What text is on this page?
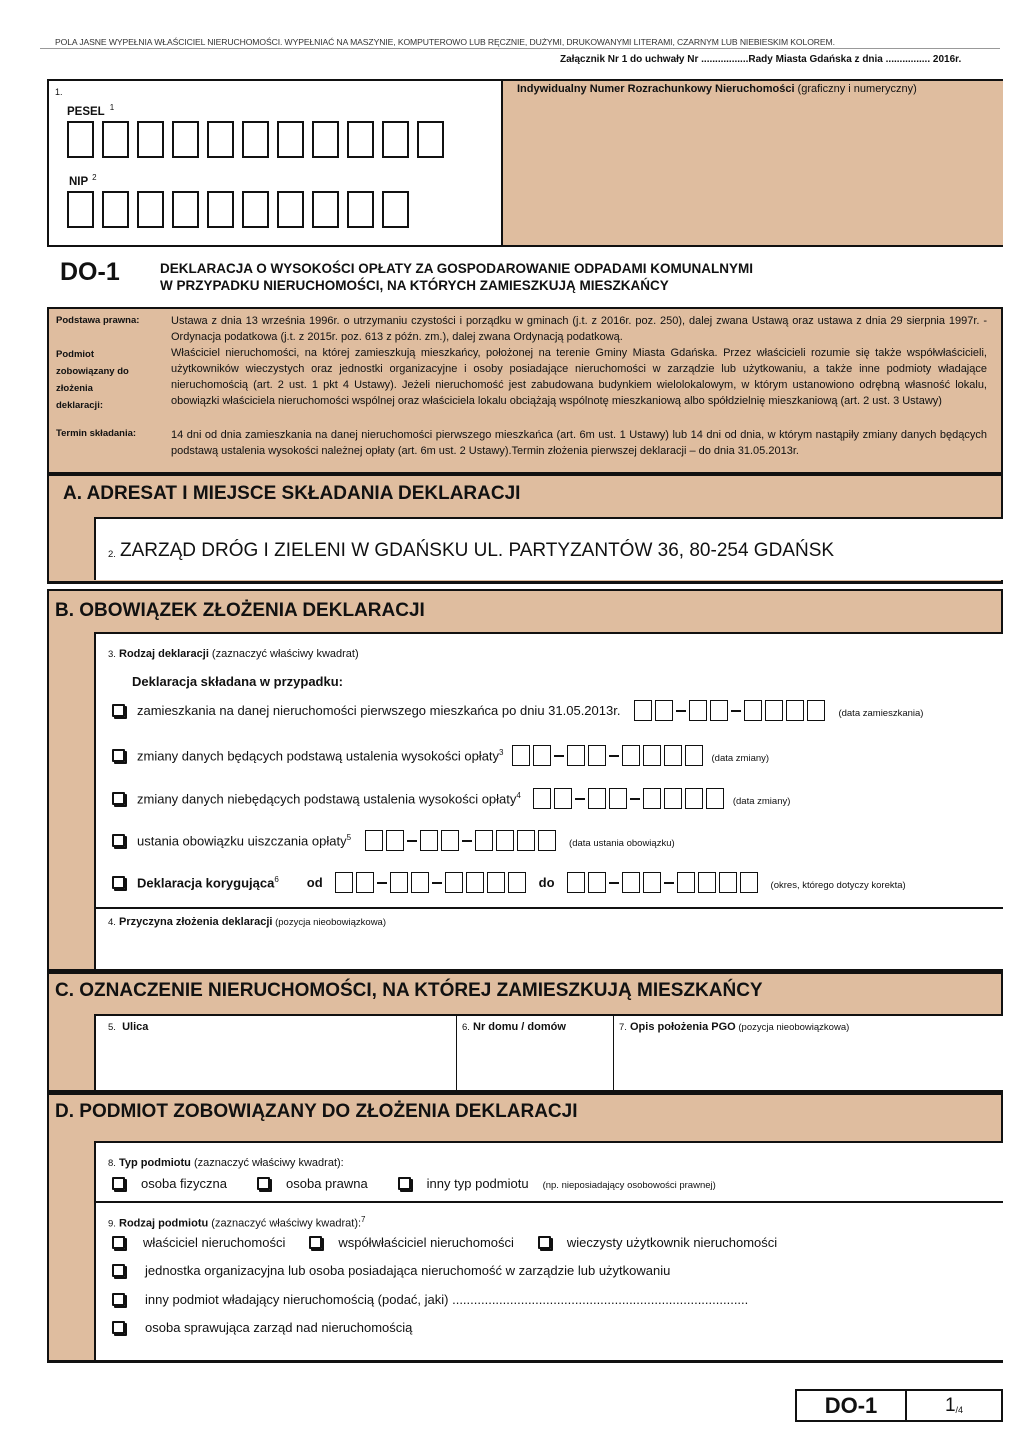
POLA JASNE WYPEŁNIA WŁAŚCICIEL NIERUCHOMOŚCI. WYPEŁNIAĆ NA MASZYNIE, KOMPUTEROWO LUB RĘCZNIE, DUŻYMI, DRUKOWANYMI LITERAMI, CZARNYM LUB NIEBIESKIM KOLOREM.
Załącznik Nr 1 do uchwały Nr .................Rady Miasta Gdańska z dnia ................ 2016r.
Indywidualny Numer Rozrachunkowy Nieruchomości (graficzny i numeryczny)
1.
PESEL $^1$
NIP $^2$
DO-1	DEKLARACJA O WYSOKOŚCI OPŁATY ZA GOSPODAROWANIE ODPADAMI KOMUNALNYMI
W PRZYPADKU NIERUCHOMOŚCI, NA KTÓRYCH ZAMIESZKUJĄ MIESZKAŃCY
Podstawa prawna:	Ustawa z dnia 13 września 1996r. o utrzymaniu czystości i porządku w gminach (j.t. z 2016r. poz. 250), dalej zwana Ustawą oraz ustawa z dnia 29 sierpnia 1997r. - Ordynacja podatkowa (j.t. z 2015r. poz. 613 z późn. zm.), dalej zwana Ordynacją podatkową.
Podmiot
zobowiązany do
złożenia
deklaracji:
Właściciel nieruchomości, na której zamieszkują mieszkańcy, położonej na terenie Gminy Miasta Gdańska. Przez właścicieli rozumie się także współwłaścicieli, użytkowników wieczystych oraz jednostki organizacyjne i osoby posiadające nieruchomości w zarządzie lub użytkowaniu, a także inne podmioty władające nieruchomością (art. 2 ust. 1 pkt 4 Ustawy). Jeżeli nieruchomość jest zabudowana budynkiem wielolokalowym, w którym ustanowiono odrębną własność lokalu, obowiązki właściciela nieruchomości wspólnej oraz właściciela lokalu obciążają wspólnotę mieszkaniową albo spółdzielnię mieszkaniową (art. 2 ust. 3 Ustawy)
Termin składania:	14 dni od dnia zamieszkania na danej nieruchomości pierwszego mieszkańca (art. 6m ust. 1 Ustawy) lub 14 dni od dnia, w którym nastąpiły zmiany danych będących podstawą ustalenia wysokości należnej opłaty (art. 6m ust. 2 Ustawy).Termin złożenia pierwszej deklaracji – do dnia 31.05.2013r.
A. ADRESAT I MIEJSCE SKŁADANIA DEKLARACJI
2. ZARZĄD DRÓG I ZIELENI W GDAŃSKU UL. PARTYZANTÓW 36, 80-254 GDAŃSK
B. OBOWIĄZEK ZŁOŻENIA DEKLARACJI
3. Rodzaj deklaracji (zaznaczyć właściwy kwadrat)
Deklaracja składana w przypadku:
zamieszkania na danej nieruchomości pierwszego mieszkańca po dniu 31.05.2013r.	(data zamieszkania)
zmiany danych będących podstawą ustalenia wysokości opłaty$^3$
(data zmiany)
zmiany danych niebędących podstawą ustalenia wysokości opłaty$^4$
(data zmiany)
ustania obowiązku uiszczania opłaty$^5$
(data ustania obowiązku)
Deklaracja korygująca$^6$ od	do	(okres, którego dotyczy korekta)
4. Przyczyna złożenia deklaracji (pozycja nieobowiązkowa)
C. OZNACZENIE NIERUCHOMOŚCI, NA KTÓREJ ZAMIESZKUJĄ MIESZKAŃCY
5. Ulica	6. Nr domu / domów	7. Opis położenia PGO (pozycja nieobowiązkowa)
D. PODMIOT ZOBOWIĄZANY DO ZŁOŻENIA DEKLARACJI
8. Typ podmiotu (zaznaczyć właściwy kwadrat):
osoba fizyczna	osoba prawna	inny typ podmiotu (np. nieposiadający osobowości prawnej)
9. Rodzaj podmiotu (zaznaczyć właściwy kwadrat):$^7$
właściciel nieruchomości	współwłaściciel nieruchomości	wieczysty użytkownik nieruchomości
jednostka organizacyjna lub osoba posiadająca nieruchomość w zarządzie lub użytkowaniu
inny podmiot władający nieruchomością (podać, jaki) ..................................................................................
osoba sprawująca zarząd nad nieruchomością
DO-1	1 /4
